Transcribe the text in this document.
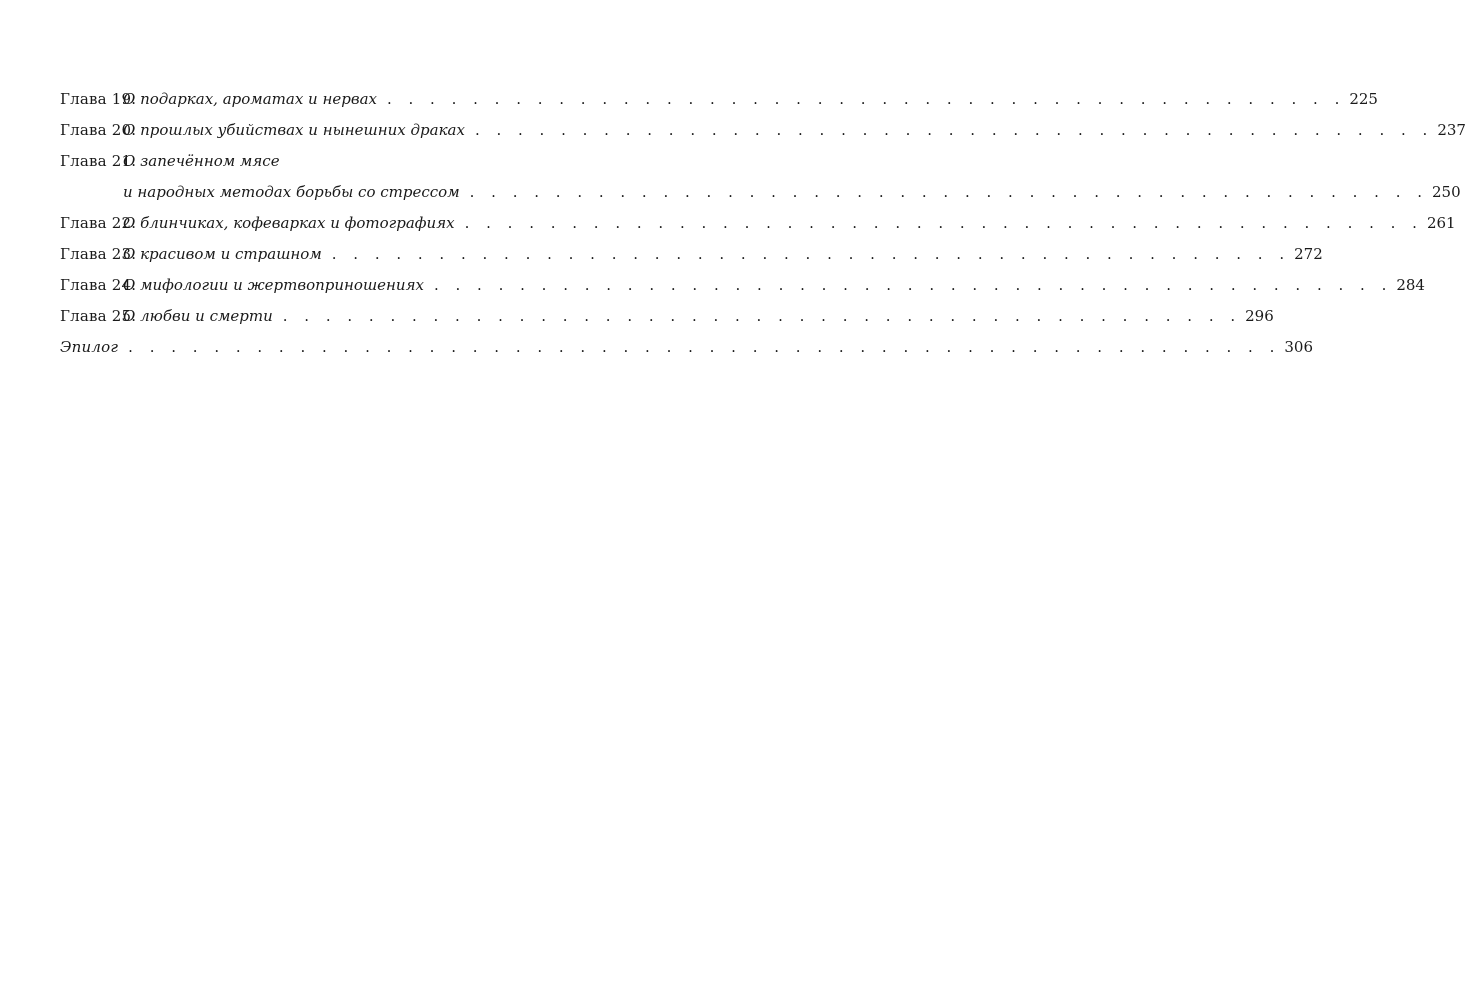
Глава 19.
О подарках, ароматах и нервах . . . . . . . . . . . . . . . . . . . . . . . . . . . . . . . . . . . . . . . . . . . . . 225
Глава 20.
О прошлых убийствах и нынешних драках . . . . . . . . . . . . . . . . . . . . . . . . . . . . . . . . . . . . . . . . . . . . . 237
Глава 21.
О запечённом мясе
и народных методах борьбы со стрессом . . . . . . . . . . . . . . . . . . . . . . . . . . . . . . . . . . . . . . . . . . . . . 250
Глава 22.
О блинчиках, кофеварках и фотографиях . . . . . . . . . . . . . . . . . . . . . . . . . . . . . . . . . . . . . . . . . . . . . 261
Глава 23.
О красивом и страшном . . . . . . . . . . . . . . . . . . . . . . . . . . . . . . . . . . . . . . . . . . . . . 272
Глава 24.
О мифологии и жертвоприношениях . . . . . . . . . . . . . . . . . . . . . . . . . . . . . . . . . . . . . . . . . . . . . 284
Глава 25.
О любви и смерти . . . . . . . . . . . . . . . . . . . . . . . . . . . . . . . . . . . . . . . . . . . . . 296
Эпилог . . . . . . . . . . . . . . . . . . . . . . . . . . . . . . . . . . . . . . . . . . . . . . . . . . . . . . 306
